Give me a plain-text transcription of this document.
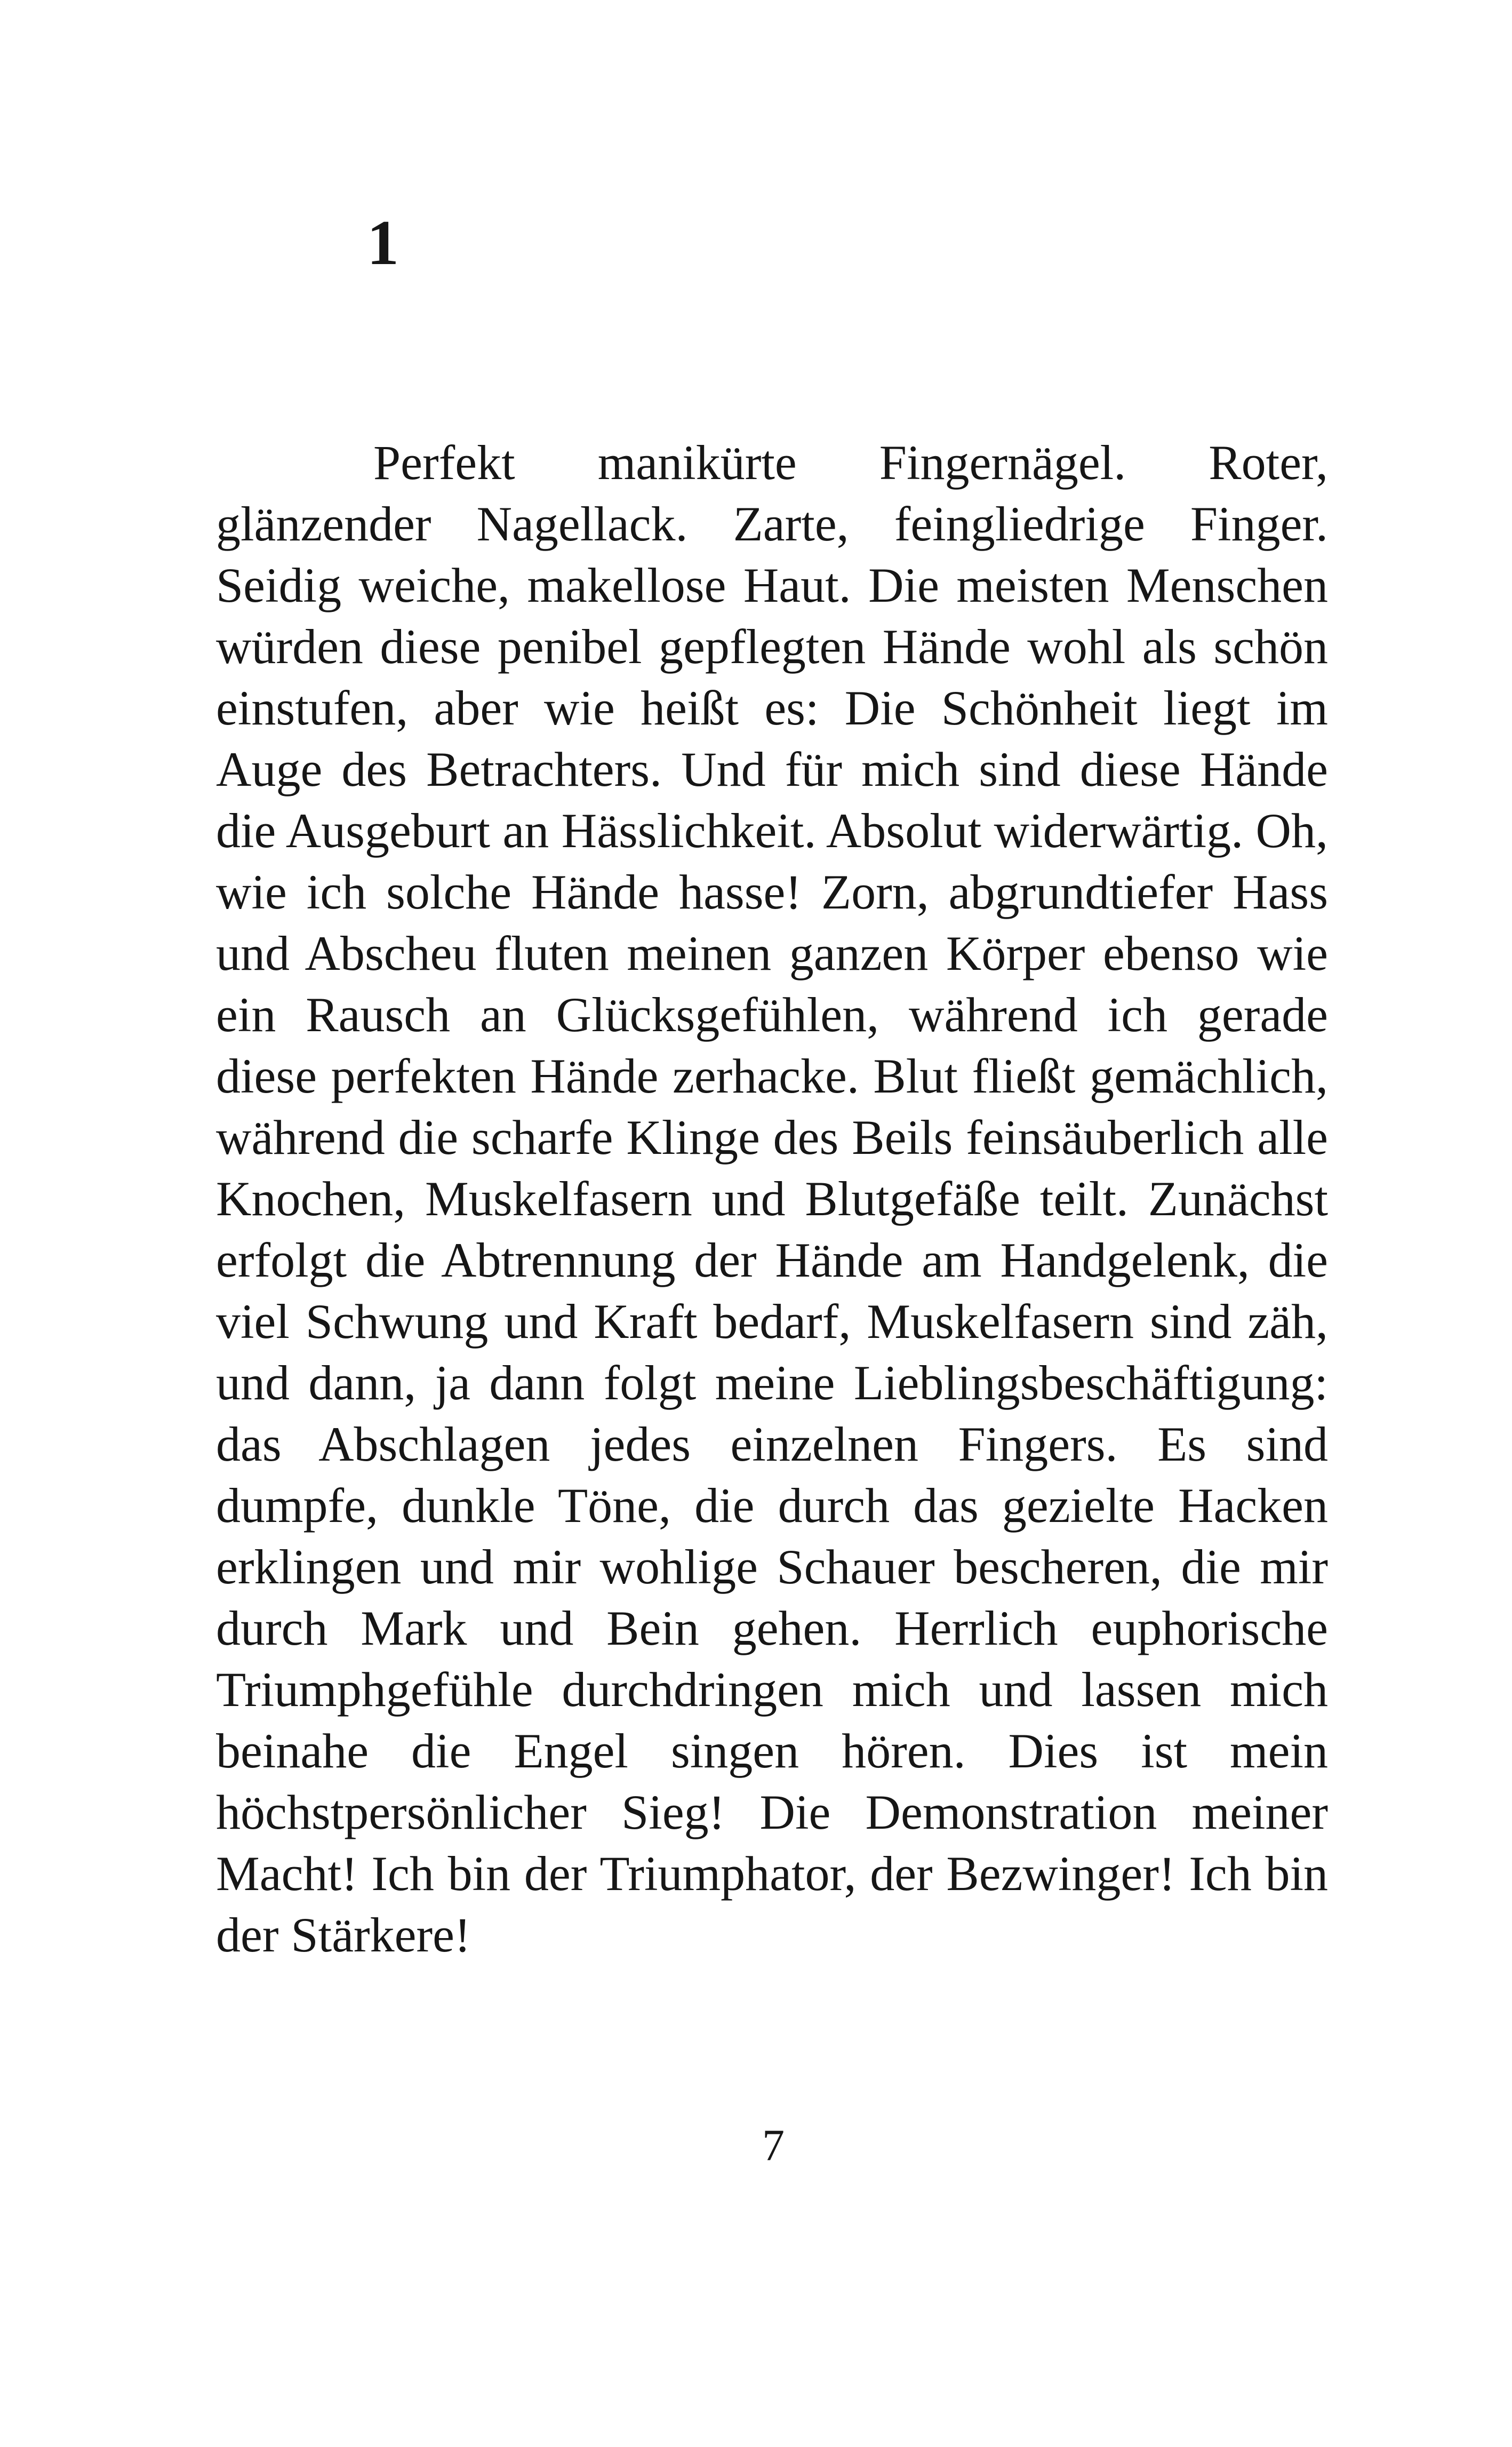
1

Perfekt manikürte Fingernägel. Roter, glänzender Nagellack. Zarte, feingliedrige Finger. Seidig weiche, makellose Haut. Die meisten Menschen würden diese penibel gepflegten Hände wohl als schön einstufen, aber wie heißt es: Die Schönheit liegt im Auge des Betrachters. Und für mich sind diese Hände die Ausgeburt an Hässlichkeit. Absolut widerwärtig. Oh, wie ich solche Hände hasse! Zorn, abgrundtiefer Hass und Abscheu fluten meinen ganzen Körper ebenso wie ein Rausch an Glücksgefühlen, während ich gerade diese perfekten Hände zerhacke. Blut fließt gemächlich, während die scharfe Klinge des Beils feinsäuberlich alle Knochen, Muskelfasern und Blutgefäße teilt. Zunächst erfolgt die Abtrennung der Hände am Handgelenk, die viel Schwung und Kraft bedarf, Muskelfasern sind zäh, und dann, ja dann folgt meine Lieblingsbeschäftigung: das Abschlagen jedes einzelnen Fingers. Es sind dumpfe, dunkle Töne, die durch das gezielte Hacken erklingen und mir wohlige Schauer bescheren, die mir durch Mark und Bein gehen. Herrlich euphorische Triumphgefühle durchdringen mich und lassen mich beinahe die Engel singen hören. Dies ist mein höchstpersönlicher Sieg! Die Demonstration meiner Macht! Ich bin der Triumphator, der Bezwinger! Ich bin der Stärkere!

7
